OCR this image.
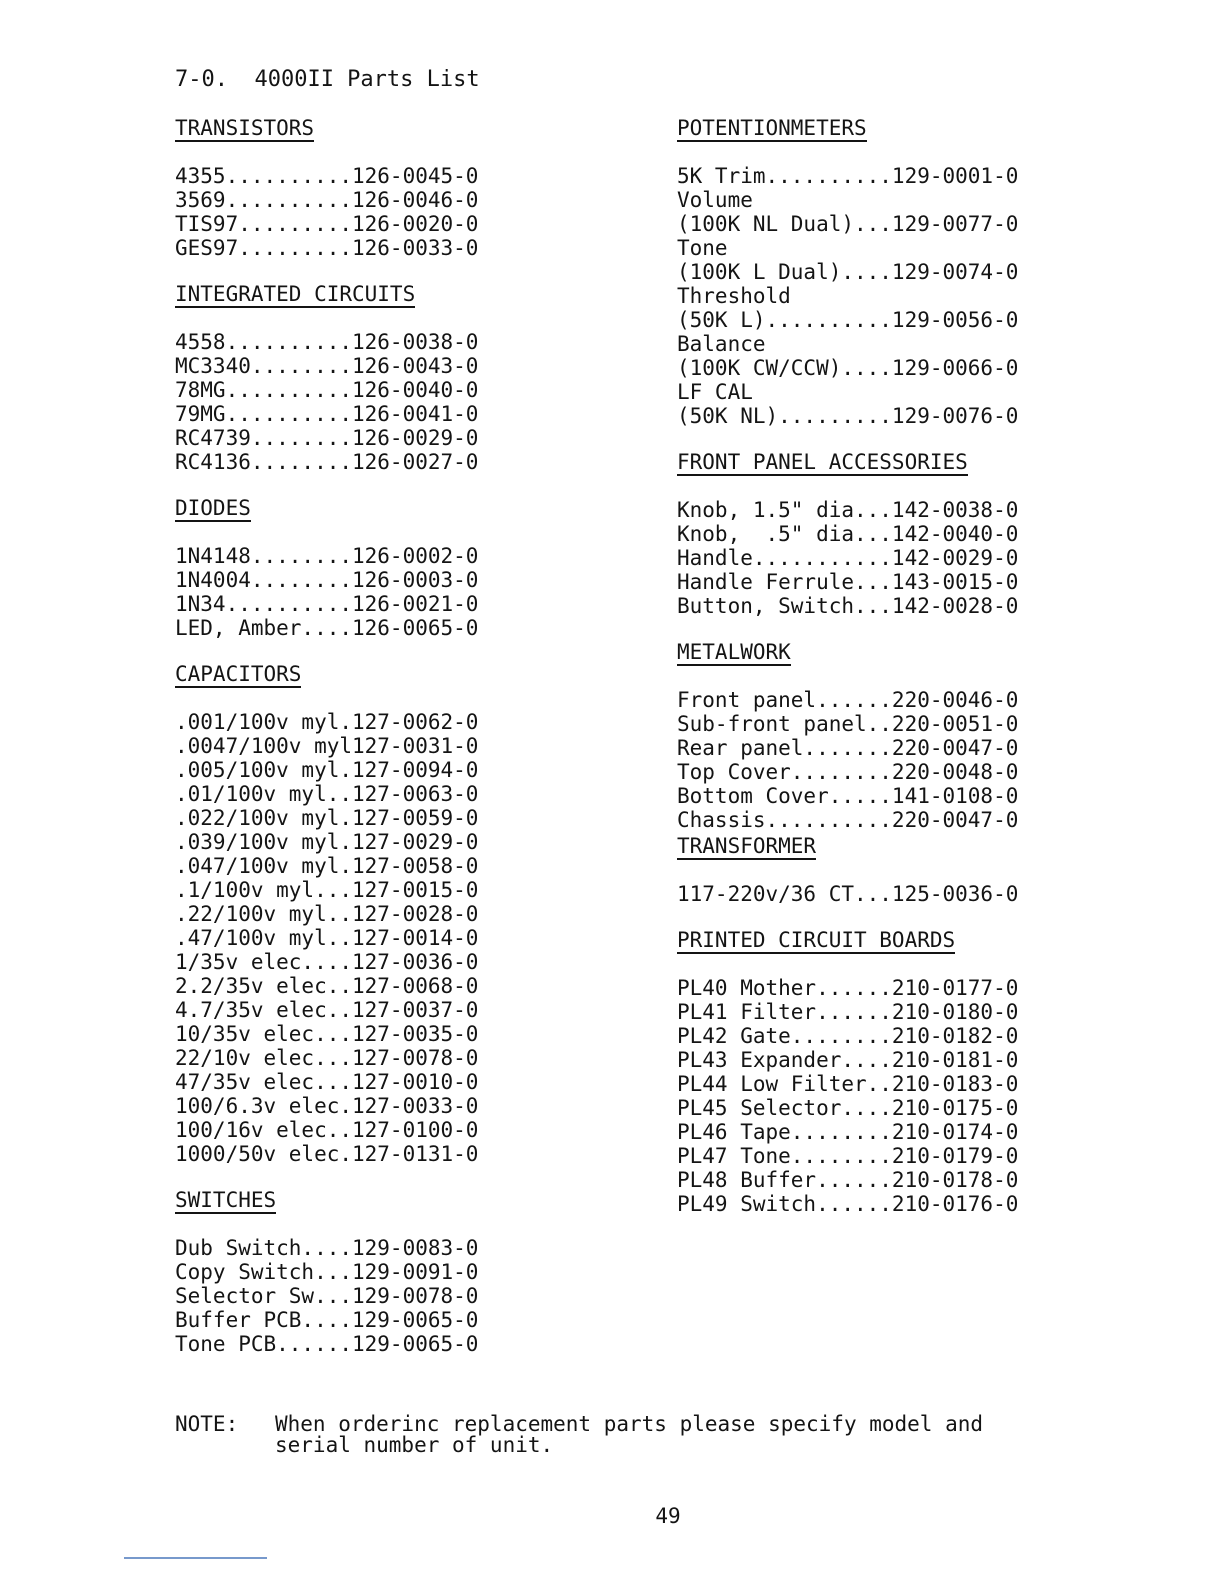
7-0.  4000II Parts List
TRANSISTORS
4355..........126-0045-0
3569..........126-0046-0
TIS97.........126-0020-0
GES97.........126-0033-0
INTEGRATED CIRCUITS
4558..........126-0038-0
MC3340........126-0043-0
78MG..........126-0040-0
79MG..........126-0041-0
RC4739........126-0029-0
RC4136........126-0027-0
DIODES
1N4148........126-0002-0
1N4004........126-0003-0
1N34..........126-0021-0
LED, Amber....126-0065-0
CAPACITORS
.001/100v myl.127-0062-0
.0047/100v myl127-0031-0
.005/100v myl.127-0094-0
.01/100v myl..127-0063-0
.022/100v myl.127-0059-0
.039/100v myl.127-0029-0
.047/100v myl.127-0058-0
.1/100v myl...127-0015-0
.22/100v myl..127-0028-0
.47/100v myl..127-0014-0
1/35v elec....127-0036-0
2.2/35v elec..127-0068-0
4.7/35v elec..127-0037-0
10/35v elec...127-0035-0
22/10v elec...127-0078-0
47/35v elec...127-0010-0
100/6.3v elec.127-0033-0
100/16v elec..127-0100-0
1000/50v elec.127-0131-0
SWITCHES
Dub Switch....129-0083-0
Copy Switch...129-0091-0
Selector Sw...129-0078-0
Buffer PCB....129-0065-0
Tone PCB......129-0065-0
POTENTIONMETERS
5K Trim..........129-0001-0
Volume
(100K NL Dual)...129-0077-0
Tone
(100K L Dual)....129-0074-0
Threshold
(50K L)..........129-0056-0
Balance
(100K CW/CCW)....129-0066-0
LF CAL
(50K NL).........129-0076-0
FRONT PANEL ACCESSORIES
Knob, 1.5" dia...142-0038-0
Knob,  .5" dia...142-0040-0
Handle...........142-0029-0
Handle Ferrule...143-0015-0
Button, Switch...142-0028-0
METALWORK
Front panel......220-0046-0
Sub-front panel..220-0051-0
Rear panel.......220-0047-0
Top Cover........220-0048-0
Bottom Cover.....141-0108-0
Chassis..........220-0047-0
TRANSFORMER
117-220v/36 CT...125-0036-0
PRINTED CIRCUIT BOARDS
PL40 Mother......210-0177-0
PL41 Filter......210-0180-0
PL42 Gate........210-0182-0
PL43 Expander....210-0181-0
PL44 Low Filter..210-0183-0
PL45 Selector....210-0175-0
PL46 Tape........210-0174-0
PL47 Tone........210-0179-0
PL48 Buffer......210-0178-0
PL49 Switch......210-0176-0
NOTE: When orderinc replacement parts please specify model and
serial number of unit.
49
